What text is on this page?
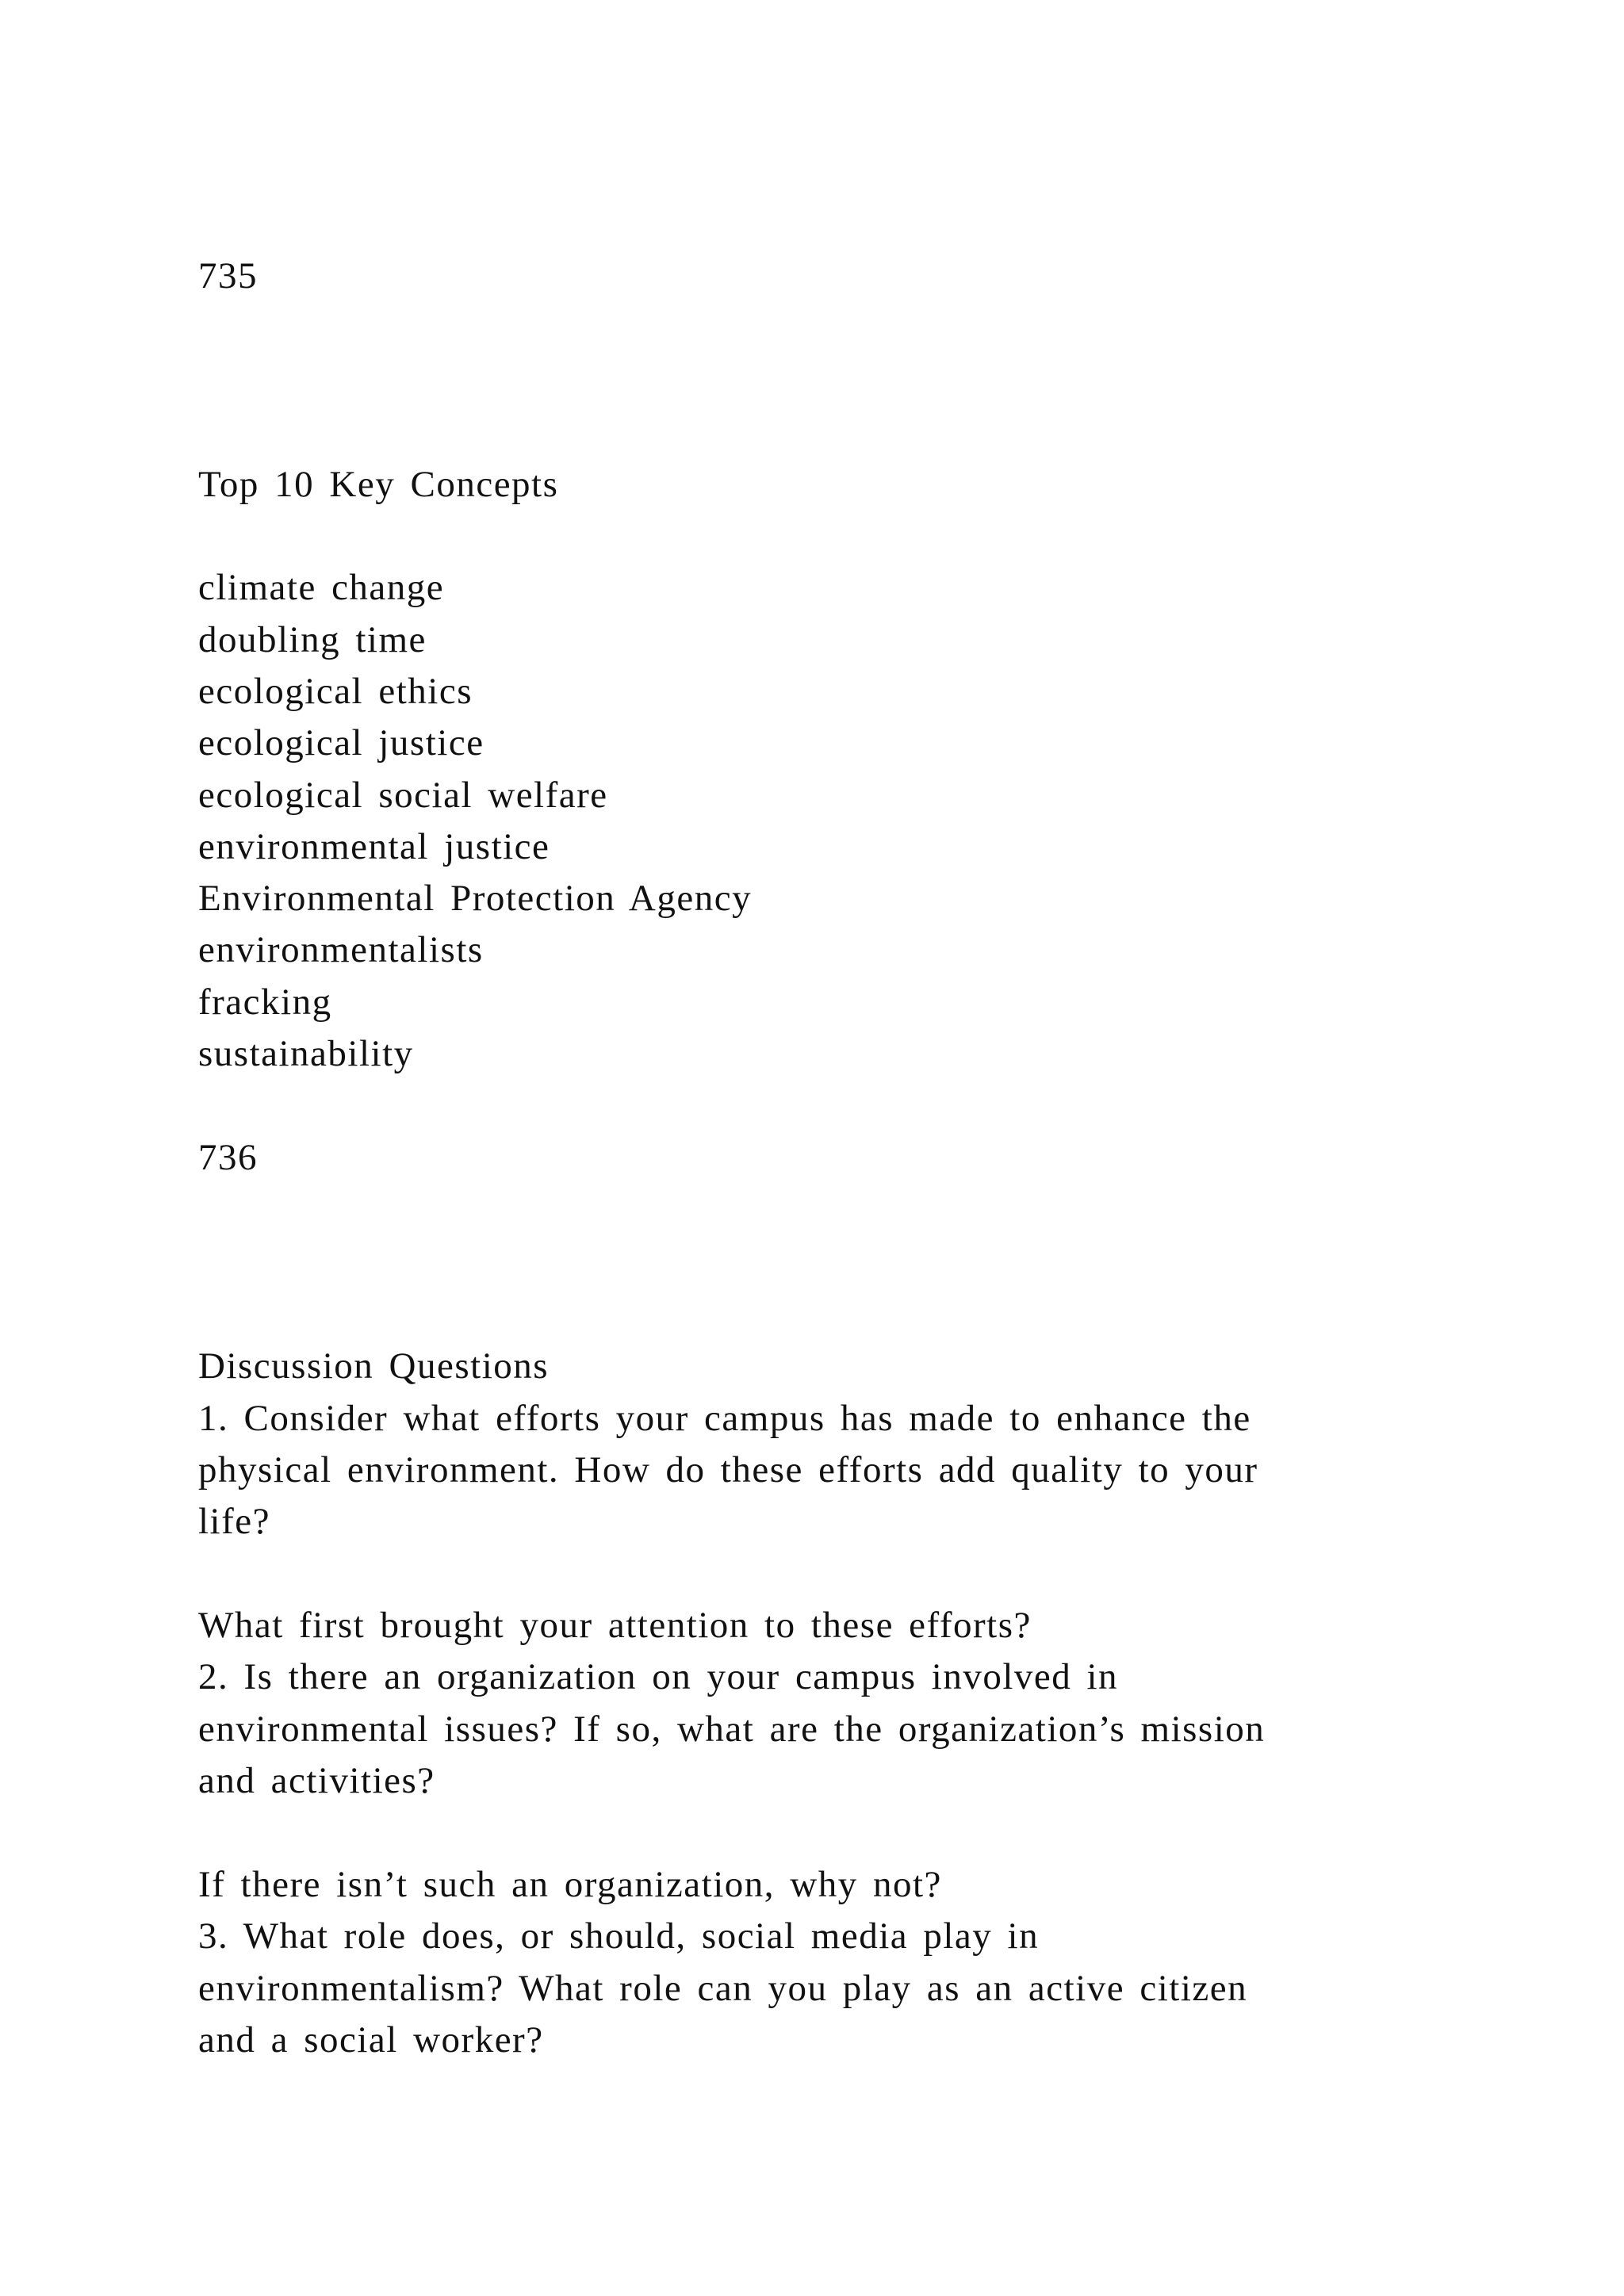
735
Top 10 Key Concepts
climate change
doubling time
ecological ethics
ecological justice
ecological social welfare
environmental justice
Environmental Protection Agency
environmentalists
fracking
sustainability
736
Discussion Questions
1. Consider what efforts your campus has made to enhance the
physical environment. How do these efforts add quality to your
life?
What first brought your attention to these efforts?
2. Is there an organization on your campus involved in
environmental issues? If so, what are the organization’s mission
and activities?
If there isn’t such an organization, why not?
3. What role does, or should, social media play in
environmentalism? What role can you play as an active citizen
and a social worker?
